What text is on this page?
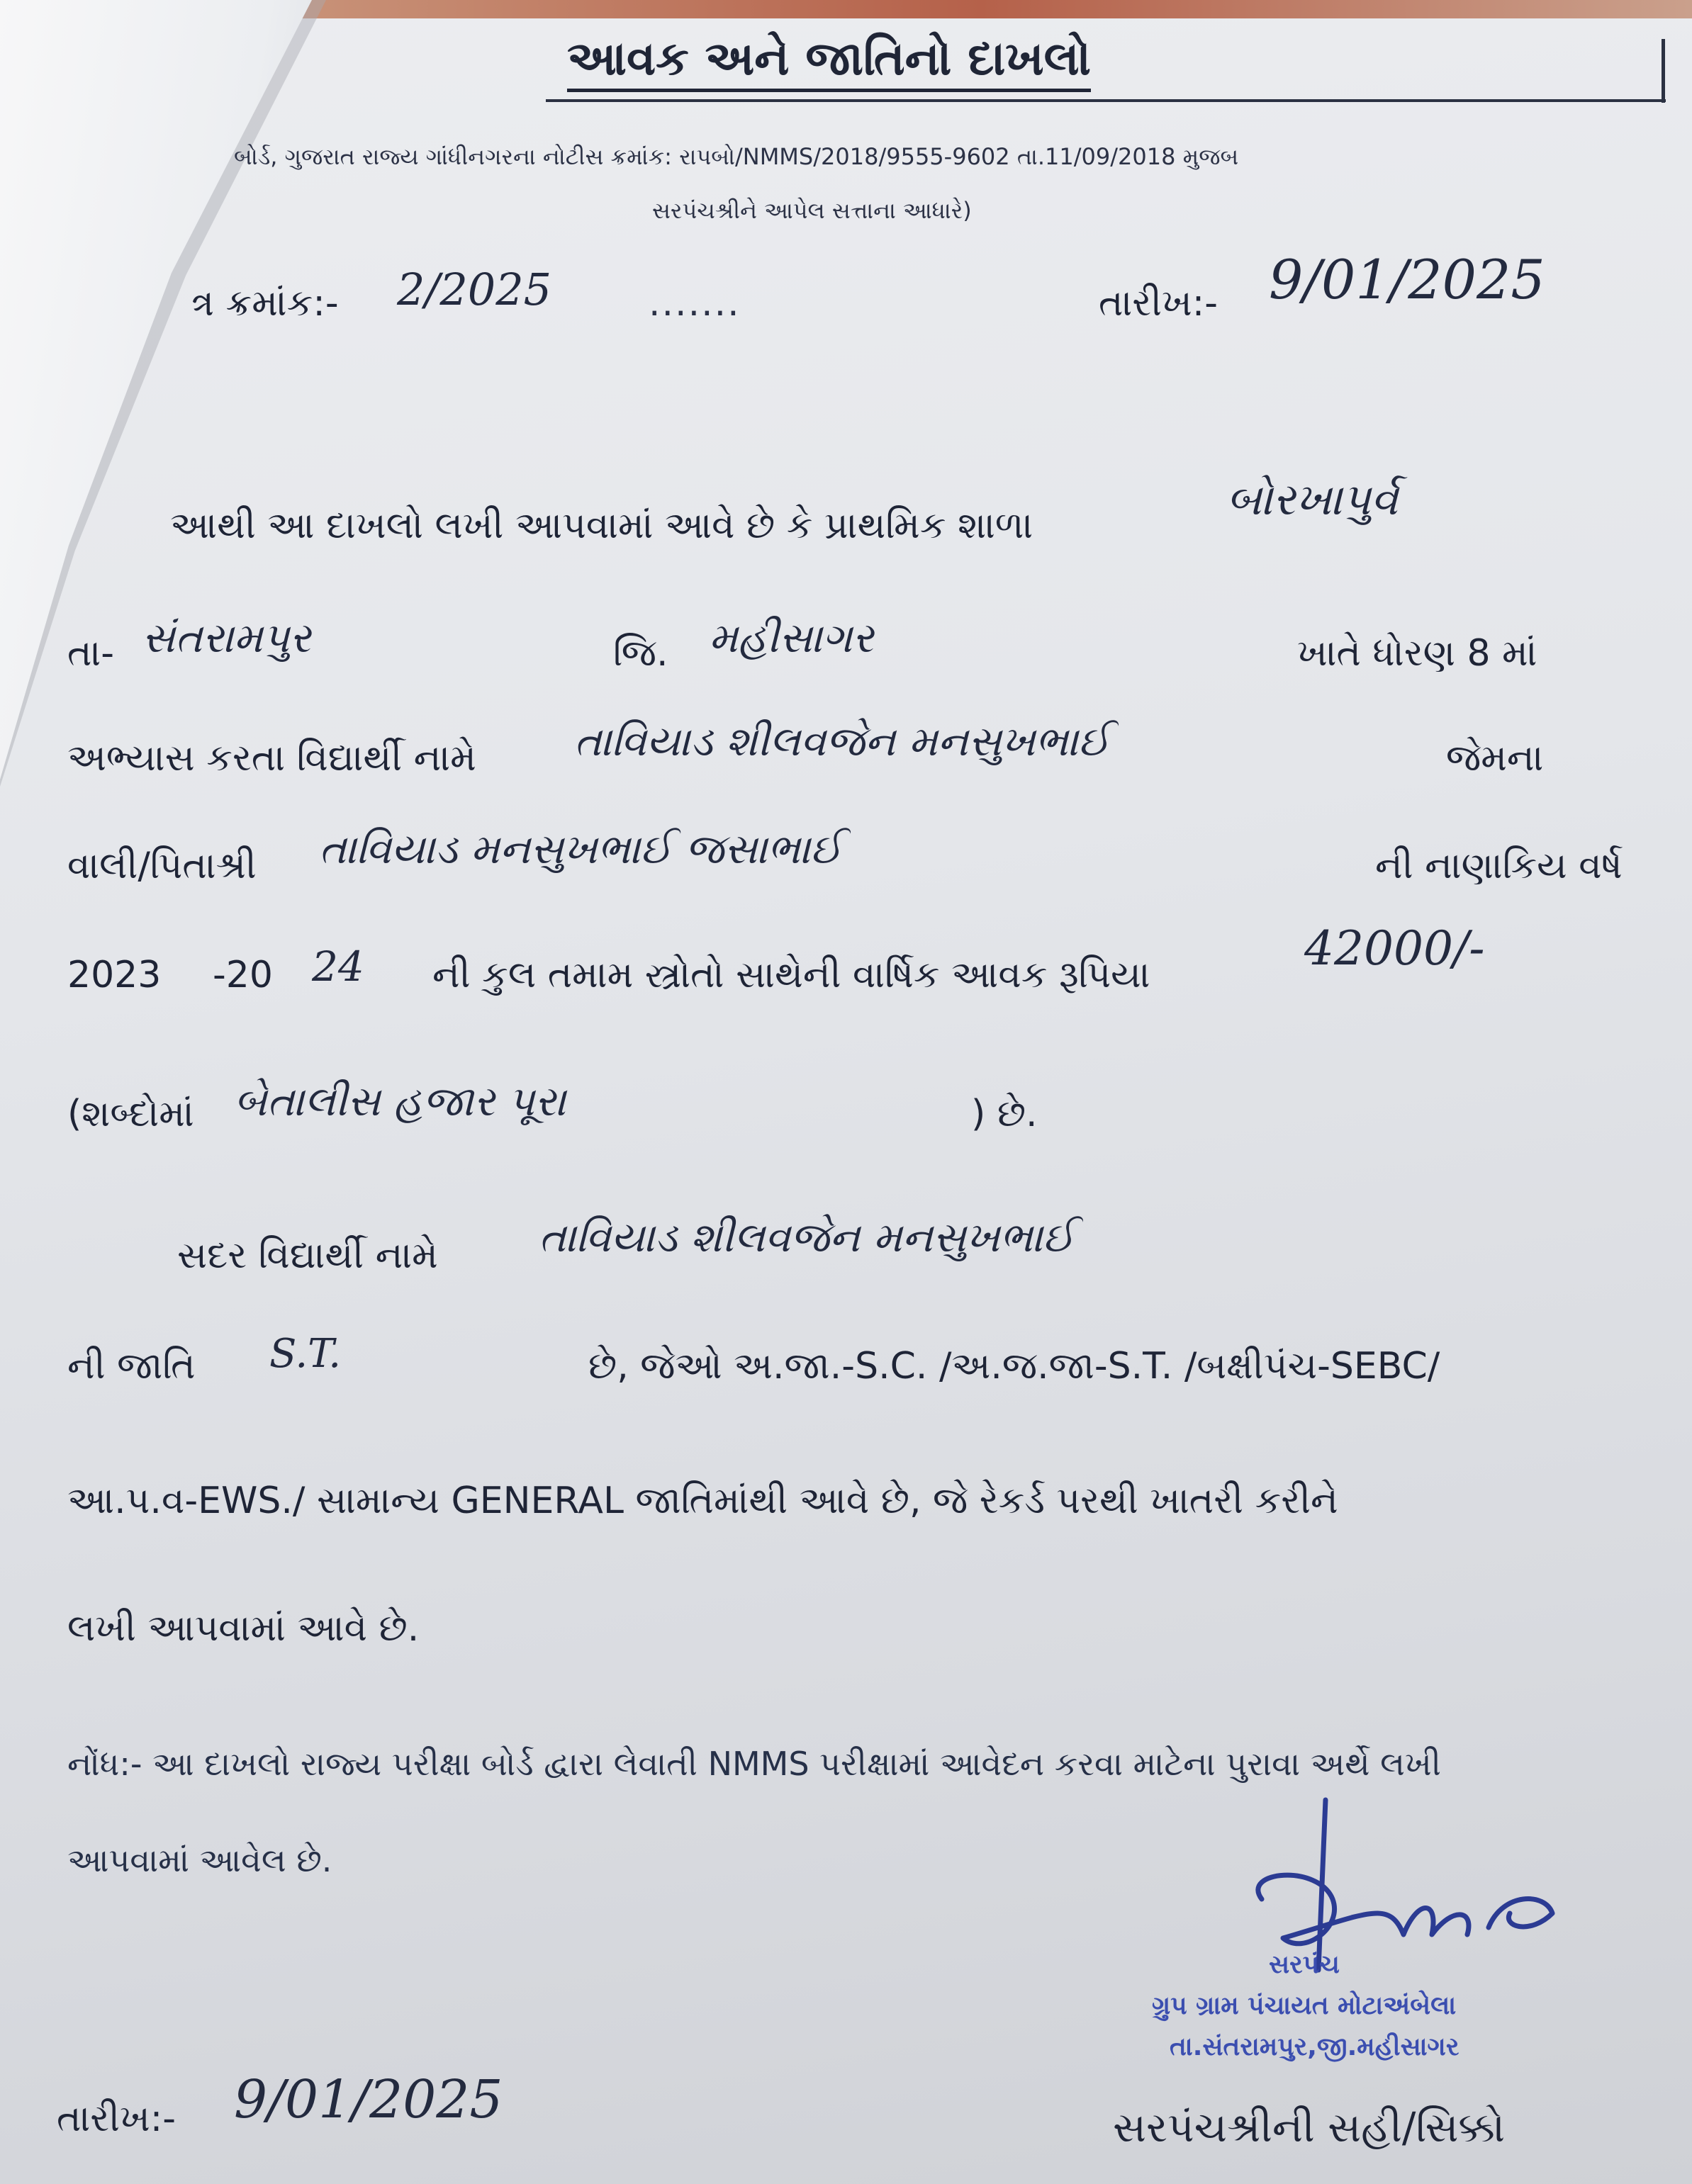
આવક અને જાતિનો દાખલો
બોર્ડ, ગુજરાત રાજ્ય ગાંધીનગરના નોટીસ ક્રમાંક: રાપબો/NMMS/2018/9555-9602 તા.11/09/2018 મુજબ
સરપંચશ્રીને આપેલ સત્તાના આધારે)
ત્ર ક્રમાંક:- 2/2025	.......	તારીખ:- 9/01/2025
આથી આ દાખલો લખી આપવામાં આવે છે કે પ્રાથમિક શાળા
બોરખાપુર્વ
તા- સંતરામપુર	જિ. મહીસાગર	ખાતે ધોરણ 8 માં
અભ્યાસ કરતા વિદ્યાર્થી નામે તાવિયાડ શીલવજેન મનસુખભાઈ	જેમના
વાલી/પિતાશ્રી તાવિયાડ મનસુખભાઈ જસાભાઈ	ની નાણાકિય વર્ષ
2023 -20 24 ની કુલ તમામ સ્ત્રોતો સાથેની વાર્ષિક આવક રૂપિયા	42000/-
(શબ્દોમાં બેતાલીસ હજાર પૂરા	) છે.
સદર વિદ્યાર્થી નામે તાવિયાડ શીલવજેન મનસુખભાઈ
ની જાતિ S.T.	છે, જેઓ અ.જા.-S.C. /અ.જ.જા-S.T. /બક્ષીપંચ-SEBC/
આ.પ.વ-EWS./ સામાન્ય GENERAL જાતિમાંથી આવે છે, જે રેકર્ડ પરથી ખાતરી કરીને
લખી આપવામાં આવે છે.
નોંધ:- આ દાખલો રાજ્ય પરીક્ષા બોર્ડ દ્વારા લેવાતી NMMS પરીક્ષામાં આવેદન કરવા માટેના પુરાવા અર્થે લખી
આપવામાં આવેલ છે.
સરપંચ
ગ્રુપ ગ્રામ પંચાયત મોટાઅંબેલા
તા.સંતરામપુર,જી.મહીસાગર
તારીખ:- 9/01/2025	સરપંચશ્રીની સહી/સિક્કો
